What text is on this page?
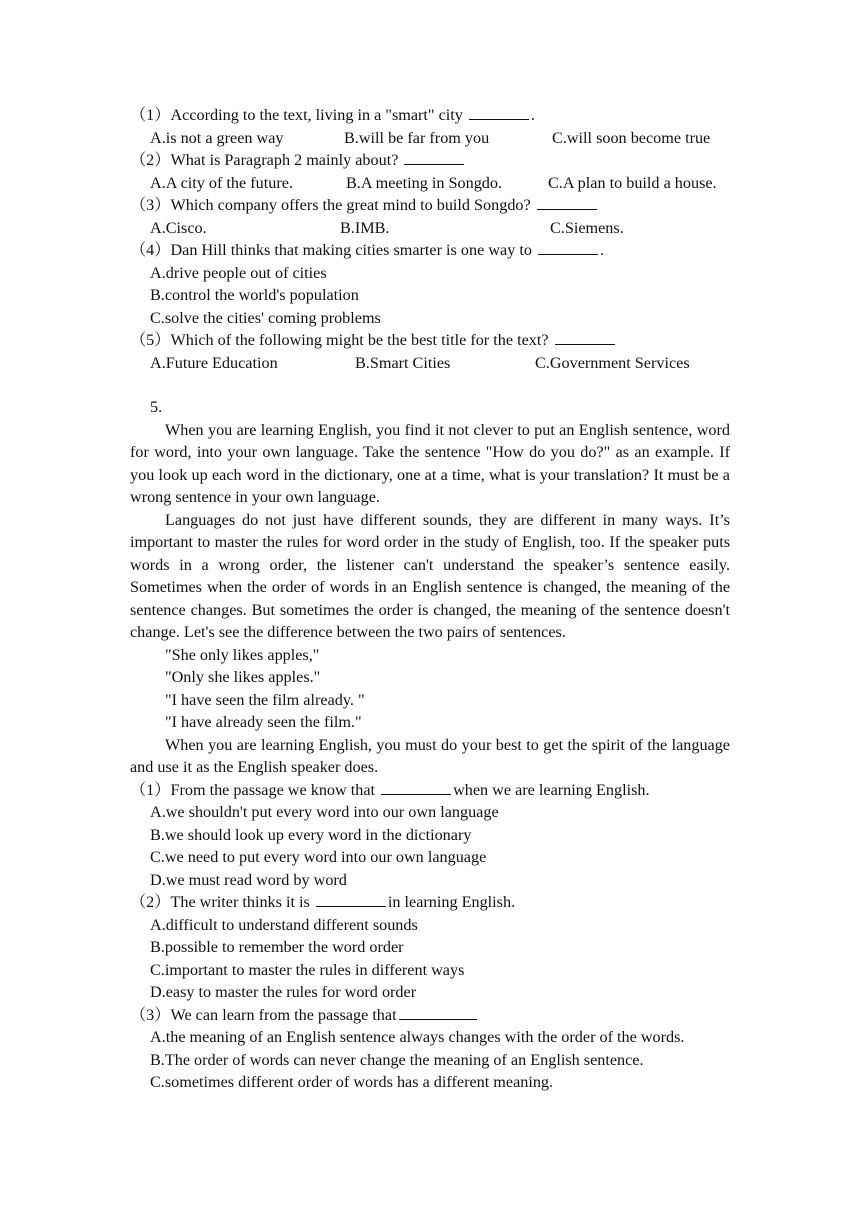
（1）According to the text, living in a "smart" city	.
A.is not a green way	B.will be far from you	C.will soon become true
（2）What is Paragraph 2 mainly about?
A.A city of the future.	B.A meeting in Songdo.	C.A plan to build a house.
（3）Which company offers the great mind to build Songdo?
A.Cisco.	B.IMB.	C.Siemens.
（4）Dan Hill thinks that making cities smarter is one way to	.
A.drive people out of cities
B.control the world's population
C.solve the cities' coming problems
（5）Which of the following might be the best title for the text?
A.Future Education	B.Smart Cities	C.Government Services
5.
When you are learning English, you find it not clever to put an English sentence, word for word, into your own language. Take the sentence "How do you do?" as an example. If you look up each word in the dictionary, one at a time, what is your translation? It must be a wrong sentence in your own language.
Languages do not just have different sounds, they are different in many ways. It’s important to master the rules for word order in the study of English, too. If the speaker puts words in a wrong order, the listener can't understand the speaker’s sentence easily. Sometimes when the order of words in an English sentence is changed, the meaning of the sentence changes. But sometimes the order is changed, the meaning of the sentence doesn't change. Let's see the difference between the two pairs of sentences.
"She only likes apples,"
"Only she likes apples."
"I have seen the film already. "
"I have already seen the film."
When you are learning English, you must do your best to get the spirit of the language and use it as the English speaker does.
（1）From the passage we know that	when we are learning English.
A.we shouldn't put every word into our own language
B.we should look up every word in the dictionary
C.we need to put every word into our own language
D.we must read word by word
（2）The writer thinks it is	in learning English.
A.difficult to understand different sounds
B.possible to remember the word order
C.important to master the rules in different ways
D.easy to master the rules for word order
（3）We can learn from the passage that
A.the meaning of an English sentence always changes with the order of the words.
B.The order of words can never change the meaning of an English sentence.
C.sometimes different order of words has a different meaning.
